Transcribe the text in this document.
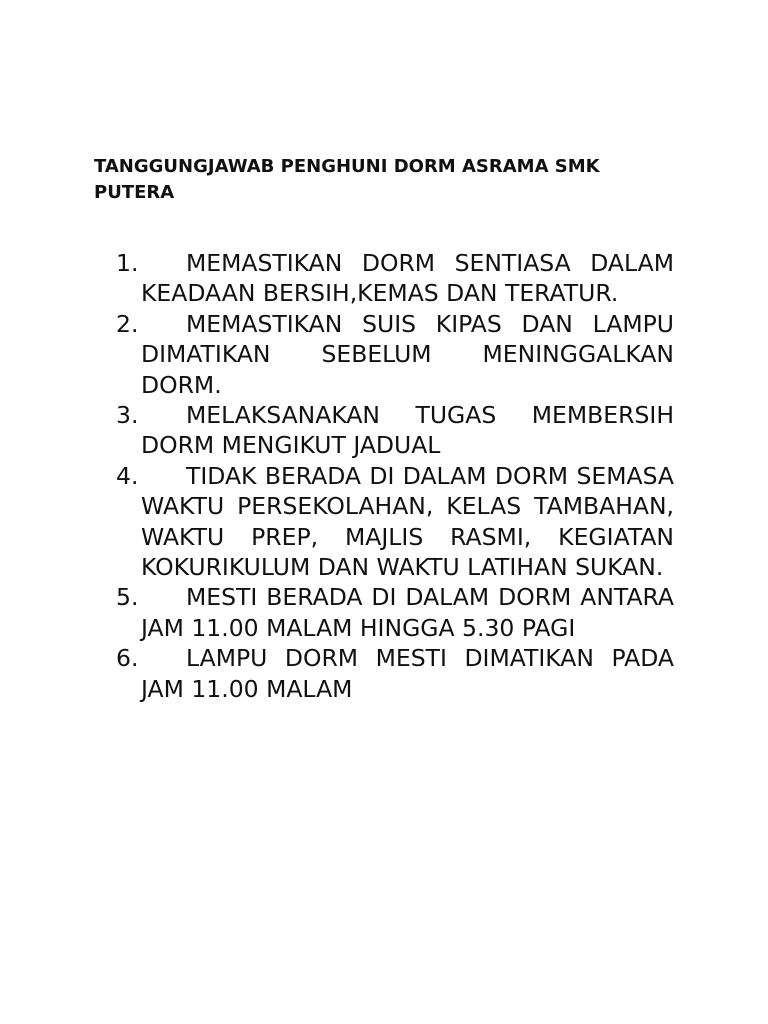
TANGGUNGJAWAB PENGHUNI DORM ASRAMA SMK PUTERA
1. MEMASTIKAN DORM SENTIASA DALAM KEADAAN BERSIH,KEMAS DAN TERATUR.
2. MEMASTIKAN SUIS KIPAS DAN LAMPU DIMATIKAN SEBELUM MENINGGALKAN DORM.
3. MELAKSANAKAN TUGAS MEMBERSIH DORM MENGIKUT JADUAL
4. TIDAK BERADA DI DALAM DORM SEMASA WAKTU PERSEKOLAHAN, KELAS TAMBAHAN, WAKTU PREP, MAJLIS RASMI, KEGIATAN KOKURIKULUM DAN WAKTU LATIHAN SUKAN.
5. MESTI BERADA DI DALAM DORM ANTARA JAM 11.00 MALAM HINGGA 5.30 PAGI
6. LAMPU DORM MESTI DIMATIKAN PADA JAM 11.00 MALAM
